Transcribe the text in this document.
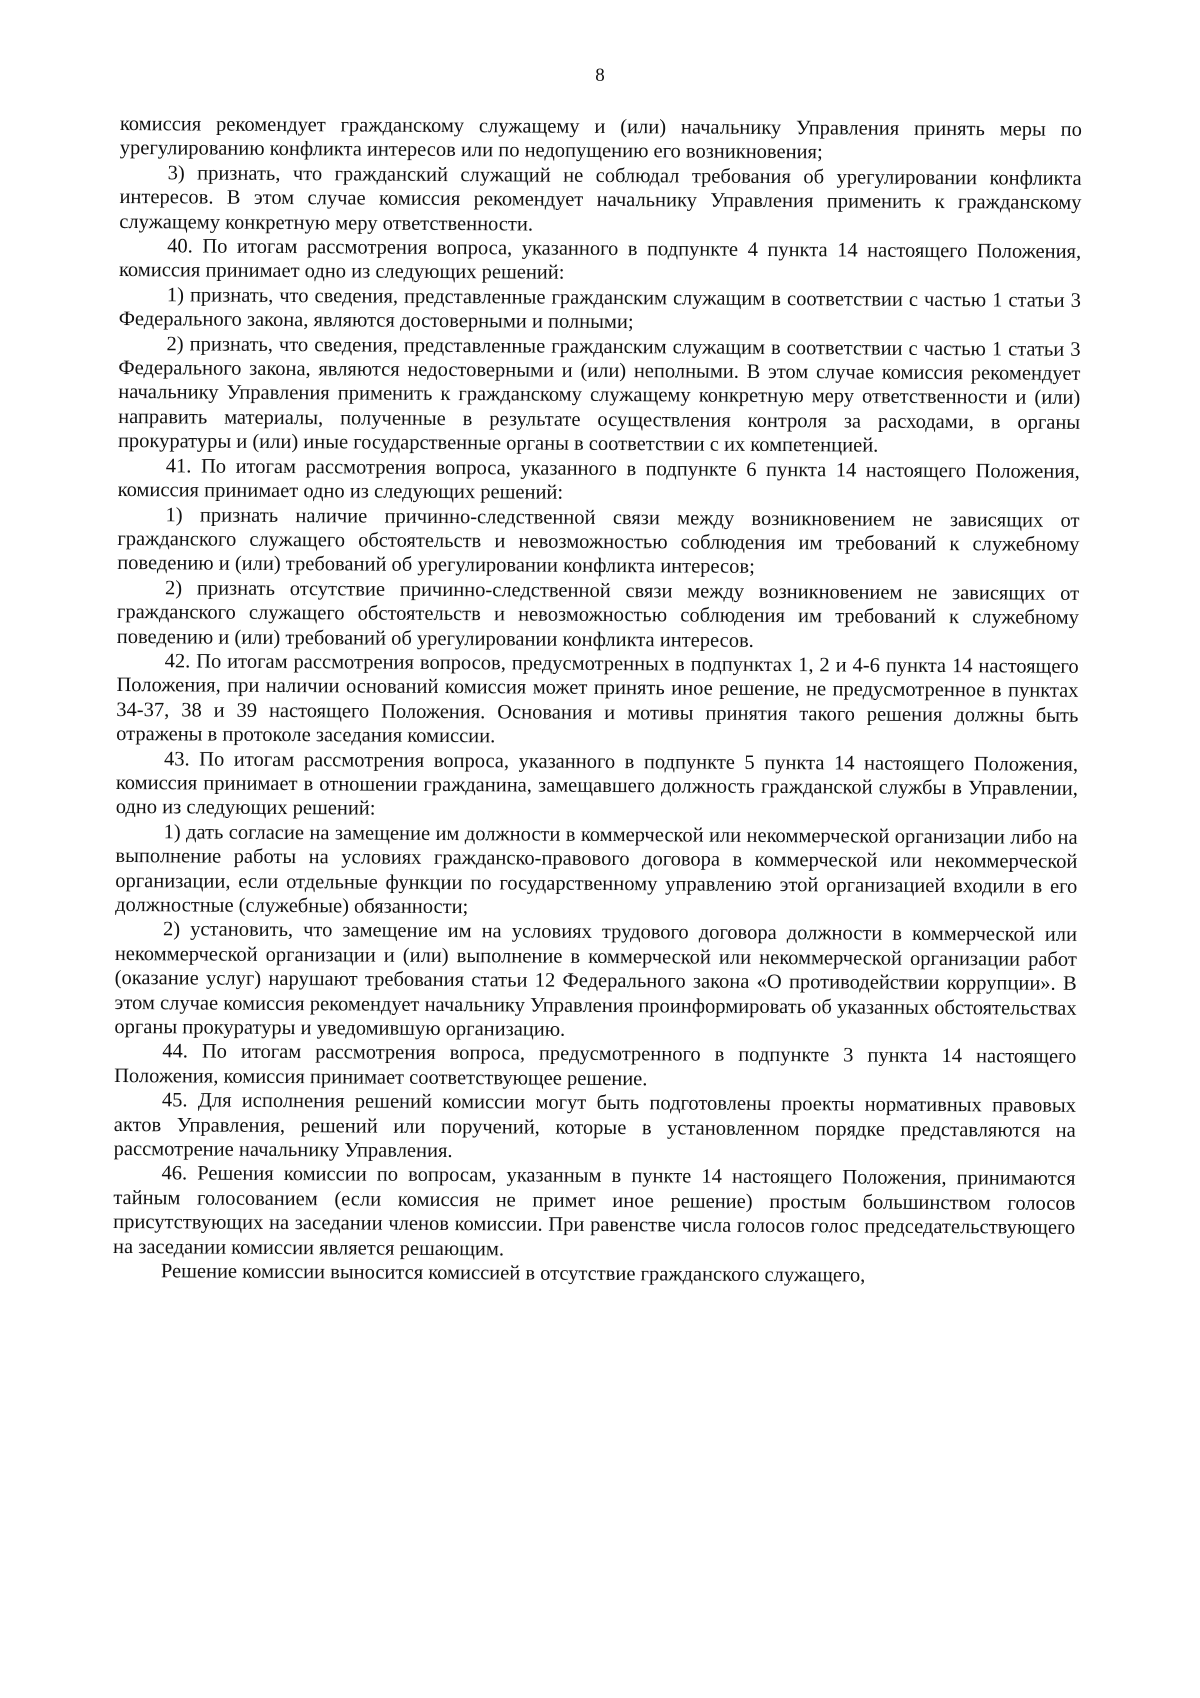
8

комиссия рекомендует гражданскому служащему и (или) начальнику Управления принять меры по урегулированию конфликта интересов или по недопущению его возникновения;

3) признать, что гражданский служащий не соблюдал требования об урегулировании конфликта интересов. В этом случае комиссия рекомендует начальнику Управления применить к гражданскому служащему конкретную меру ответственности.

40. По итогам рассмотрения вопроса, указанного в подпункте 4 пункта 14 настоящего Положения, комиссия принимает одно из следующих решений:

1) признать, что сведения, представленные гражданским служащим в соответствии с частью 1 статьи 3 Федерального закона, являются достоверными и полными;

2) признать, что сведения, представленные гражданским служащим в соответствии с частью 1 статьи 3 Федерального закона, являются недостоверными и (или) неполными. В этом случае комиссия рекомендует начальнику Управления применить к гражданскому служащему конкретную меру ответственности и (или) направить материалы, полученные в результате осуществления контроля за расходами, в органы прокуратуры и (или) иные государственные органы в соответствии с их компетенцией.

41. По итогам рассмотрения вопроса, указанного в подпункте 6 пункта 14 настоящего Положения, комиссия принимает одно из следующих решений:

1) признать наличие причинно-следственной связи между возникновением не зависящих от гражданского служащего обстоятельств и невозможностью соблюдения им требований к служебному поведению и (или) требований об урегулировании конфликта интересов;

2) признать отсутствие причинно-следственной связи между возникновением не зависящих от гражданского служащего обстоятельств и невозможностью соблюдения им требований к служебному поведению и (или) требований об урегулировании конфликта интересов.

42. По итогам рассмотрения вопросов, предусмотренных в подпунктах 1, 2 и 4-6 пункта 14 настоящего Положения, при наличии оснований комиссия может принять иное решение, не предусмотренное в пунктах 34-37, 38 и 39 настоящего Положения. Основания и мотивы принятия такого решения должны быть отражены в протоколе заседания комиссии.

43. По итогам рассмотрения вопроса, указанного в подпункте 5 пункта 14 настоящего Положения, комиссия принимает в отношении гражданина, замещавшего должность гражданской службы в Управлении, одно из следующих решений:

1) дать согласие на замещение им должности в коммерческой или некоммерческой организации либо на выполнение работы на условиях гражданско-правового договора в коммерческой или некоммерческой организации, если отдельные функции по государственному управлению этой организацией входили в его должностные (служебные) обязанности;

2) установить, что замещение им на условиях трудового договора должности в коммерческой или некоммерческой организации и (или) выполнение в коммерческой или некоммерческой организации работ (оказание услуг) нарушают требования статьи 12 Федерального закона «О противодействии коррупции». В этом случае комиссия рекомендует начальнику Управления проинформировать об указанных обстоятельствах органы прокуратуры и уведомившую организацию.

44. По итогам рассмотрения вопроса, предусмотренного в подпункте 3 пункта 14 настоящего Положения, комиссия принимает соответствующее решение.

45. Для исполнения решений комиссии могут быть подготовлены проекты нормативных правовых актов Управления, решений или поручений, которые в установленном порядке представляются на рассмотрение начальнику Управления.

46. Решения комиссии по вопросам, указанным в пункте 14 настоящего Положения, принимаются тайным голосованием (если комиссия не примет иное решение) простым большинством голосов присутствующих на заседании членов комиссии. При равенстве числа голосов голос председательствующего на заседании комиссии является решающим.

Решение комиссии выносится комиссией в отсутствие гражданского служащего,
